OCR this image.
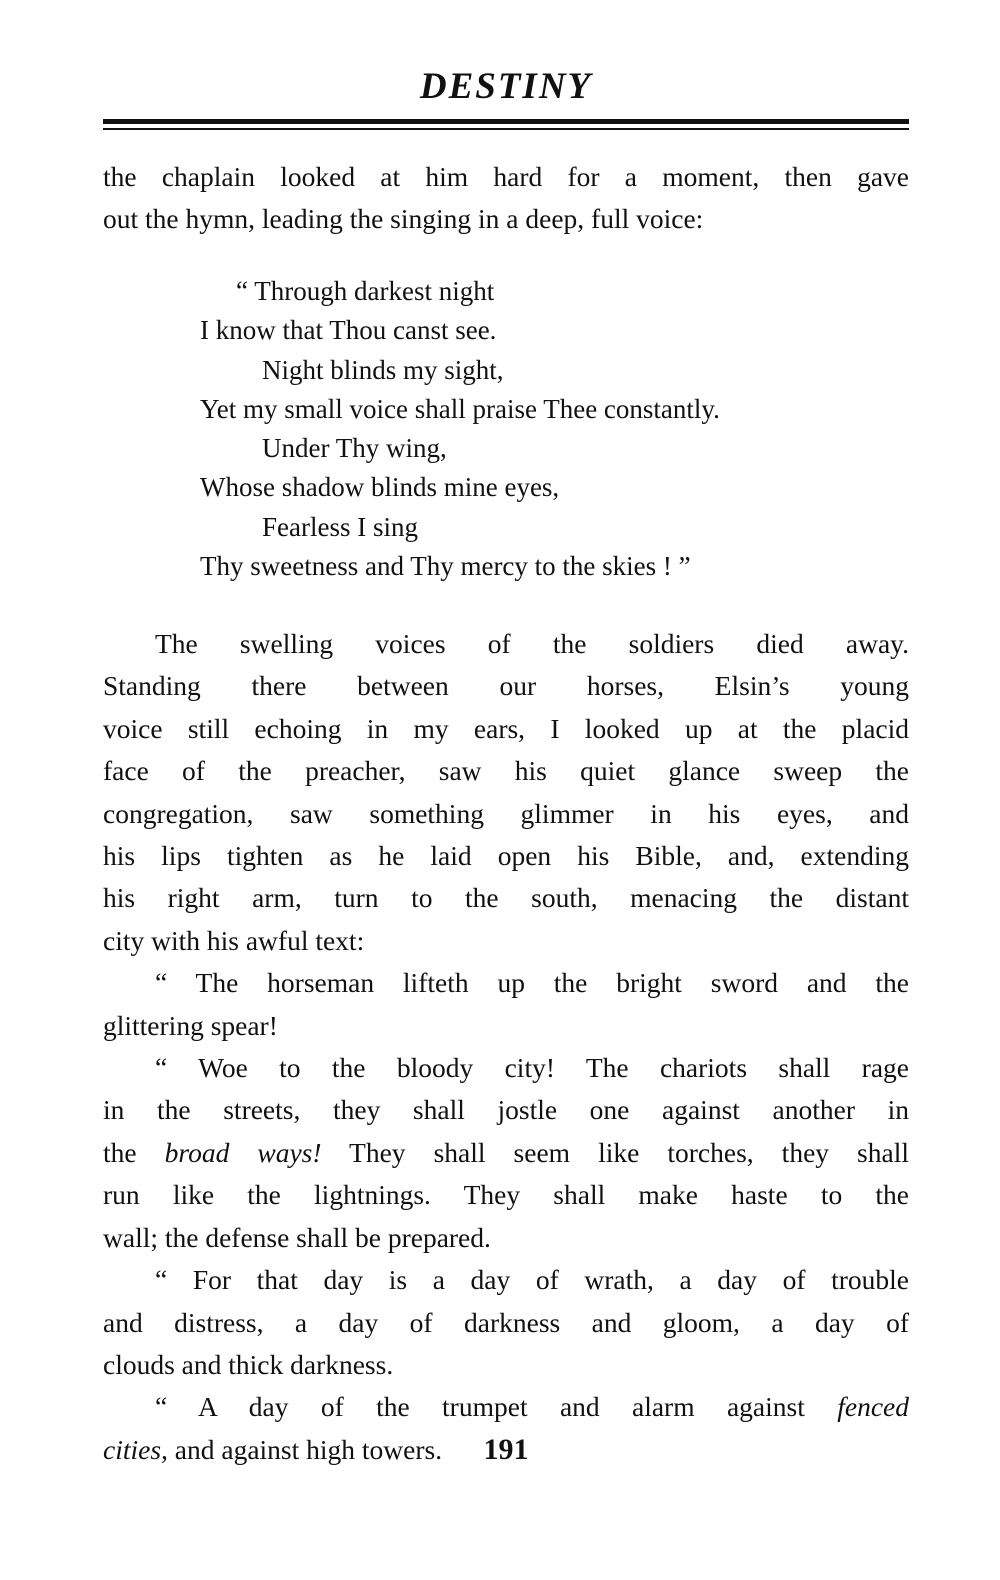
DESTINY
the chaplain looked at him hard for a moment, then gave
out the hymn, leading the singing in a deep, full voice:
“ Through darkest night
I know that Thou canst see.
Night blinds my sight,
Yet my small voice shall praise Thee constantly.
Under Thy wing,
Whose shadow blinds mine eyes,
Fearless I sing
Thy sweetness and Thy mercy to the skies ! ”
The swelling voices of the soldiers died away.
Standing there between our horses, Elsin’s young
voice still echoing in my ears, I looked up at the placid
face of the preacher, saw his quiet glance sweep the
congregation, saw something glimmer in his eyes, and
his lips tighten as he laid open his Bible, and, extending
his right arm, turn to the south, menacing the distant
city with his awful text:
“ The horseman lifteth up the bright sword and the
glittering spear!
“ Woe to the bloody city! The chariots shall rage
in the streets, they shall jostle one against another in
the broad ways! They shall seem like torches, they shall
run like the lightnings. They shall make haste to the
wall; the defense shall be prepared.
“ For that day is a day of wrath, a day of trouble
and distress, a day of darkness and gloom, a day of
clouds and thick darkness.
“ A day of the trumpet and alarm against fenced
cities, and against high towers.	191
